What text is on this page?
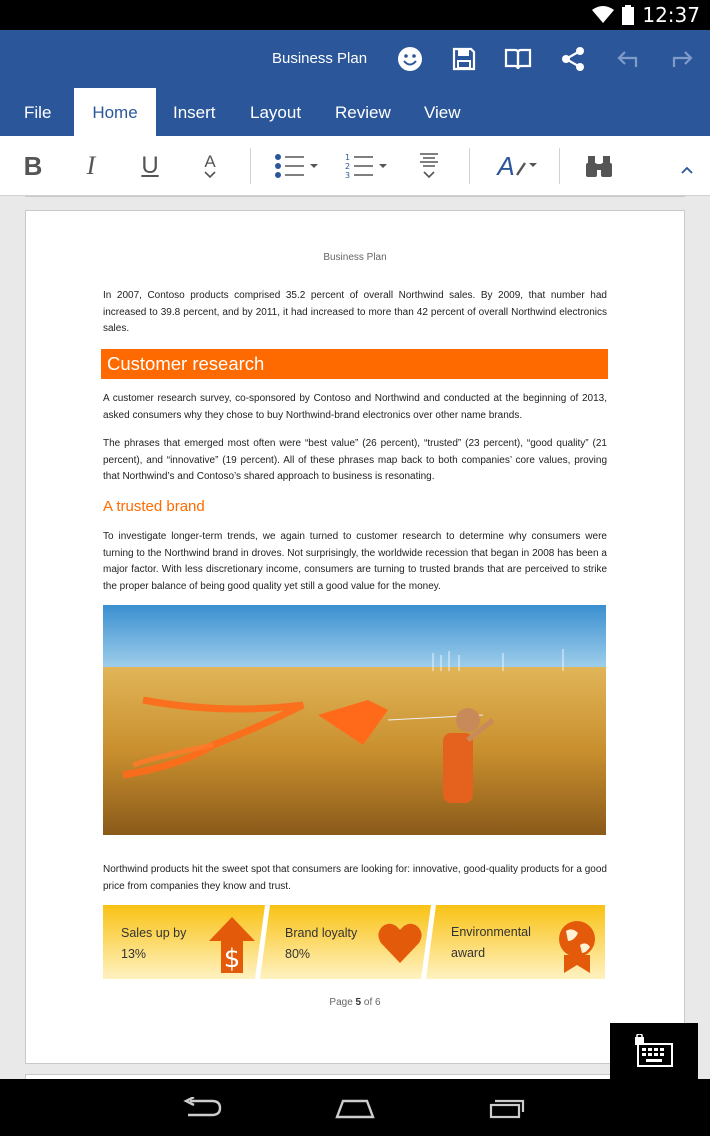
12:37
Business Plan
File	Home	Insert	Layout	Review	View
B	I	U	A	1
2
3	A
Business Plan
In 2007, Contoso products comprised 35.2 percent of overall Northwind sales. By 2009, that number had increased to 39.8 percent, and by 2011, it had increased to more than 42 percent of overall Northwind electronics sales.
Customer research
A customer research survey, co-sponsored by Contoso and Northwind and conducted at the beginning of 2013, asked consumers why they chose to buy Northwind-brand electronics over other name brands.
The phrases that emerged most often were “best value” (26 percent), “trusted” (23 percent), “good quality” (21 percent), and “innovative” (19 percent). All of these phrases map back to both companies’ core values, proving that Northwind’s and Contoso’s shared approach to business is resonating.
A trusted brand
To investigate longer-term trends, we again turned to customer research to determine why consumers were turning to the Northwind brand in droves. Not surprisingly, the worldwide recession that began in 2008 has been a major factor. With less discretionary income, consumers are turning to trusted brands that are perceived to strike the proper balance of being good quality yet still a good value for the money.
Northwind products hit the sweet spot that consumers are looking for: innovative, good-quality products for a good price from companies they know and trust.
Sales up by
13%	$
Brand loyalty
80%
Environmental
award
Page 5 of 6
